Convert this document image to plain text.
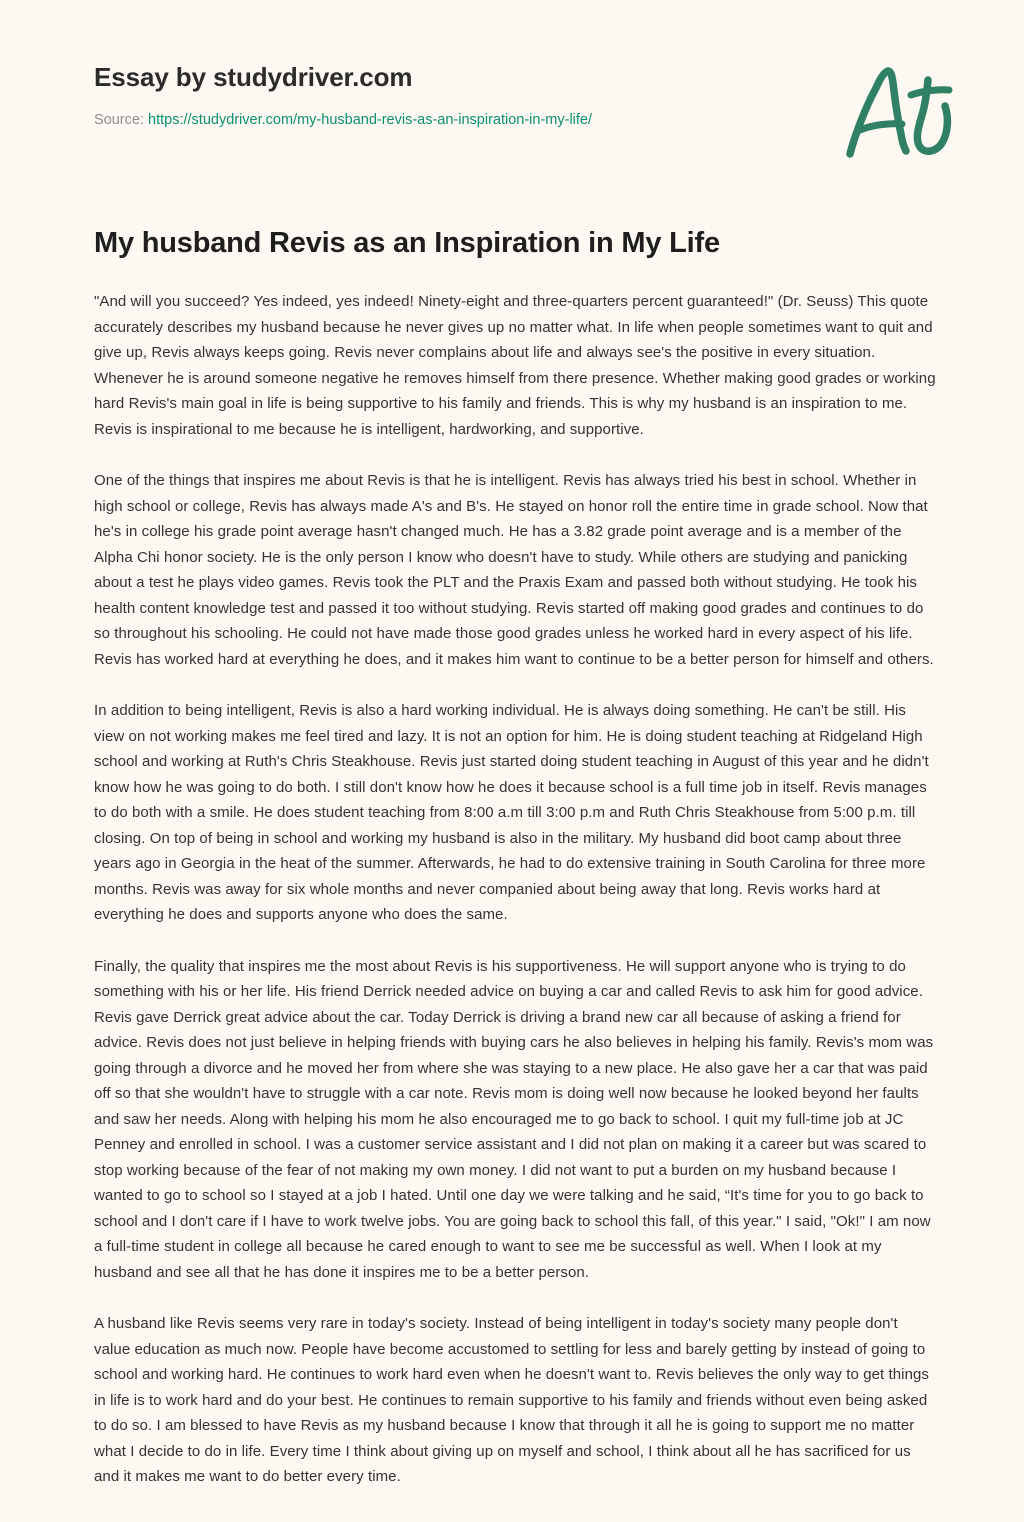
Essay by studydriver.com
Source: https://studydriver.com/my-husband-revis-as-an-inspiration-in-my-life/
My husband Revis as an Inspiration in My Life

"And will you succeed? Yes indeed, yes indeed! Ninety-eight and three-quarters percent guaranteed!" (Dr. Seuss) This quote accurately describes my husband because he never gives up no matter what. In life when people sometimes want to quit and give up, Revis always keeps going. Revis never complains about life and always see's the positive in every situation. Whenever he is around someone negative he removes himself from there presence. Whether making good grades or working hard Revis's main goal in life is being supportive to his family and friends. This is why my husband is an inspiration to me. Revis is inspirational to me because he is intelligent, hardworking, and supportive.

One of the things that inspires me about Revis is that he is intelligent. Revis has always tried his best in school. Whether in high school or college, Revis has always made A's and B's. He stayed on honor roll the entire time in grade school. Now that he's in college his grade point average hasn't changed much. He has a 3.82 grade point average and is a member of the Alpha Chi honor society. He is the only person I know who doesn't have to study. While others are studying and panicking about a test he plays video games. Revis took the PLT and the Praxis Exam and passed both without studying. He took his health content knowledge test and passed it too without studying. Revis started off making good grades and continues to do so throughout his schooling. He could not have made those good grades unless he worked hard in every aspect of his life. Revis has worked hard at everything he does, and it makes him want to continue to be a better person for himself and others.

In addition to being intelligent, Revis is also a hard working individual. He is always doing something. He can't be still. His view on not working makes me feel tired and lazy. It is not an option for him. He is doing student teaching at Ridgeland High school and working at Ruth's Chris Steakhouse. Revis just started doing student teaching in August of this year and he didn't know how he was going to do both. I still don't know how he does it because school is a full time job in itself. Revis manages to do both with a smile. He does student teaching from 8:00 a.m till 3:00 p.m and Ruth Chris Steakhouse from 5:00 p.m. till closing. On top of being in school and working my husband is also in the military. My husband did boot camp about three years ago in Georgia in the heat of the summer. Afterwards, he had to do extensive training in South Carolina for three more months. Revis was away for six whole months and never companied about being away that long. Revis works hard at everything he does and supports anyone who does the same.

Finally, the quality that inspires me the most about Revis is his supportiveness. He will support anyone who is trying to do something with his or her life. His friend Derrick needed advice on buying a car and called Revis to ask him for good advice. Revis gave Derrick great advice about the car. Today Derrick is driving a brand new car all because of asking a friend for advice. Revis does not just believe in helping friends with buying cars he also believes in helping his family. Revis's mom was going through a divorce and he moved her from where she was staying to a new place. He also gave her a car that was paid off so that she wouldn't have to struggle with a car note. Revis mom is doing well now because he looked beyond her faults and saw her needs. Along with helping his mom he also encouraged me to go back to school. I quit my full-time job at JC Penney and enrolled in school. I was a customer service assistant and I did not plan on making it a career but was scared to stop working because of the fear of not making my own money. I did not want to put a burden on my husband because I wanted to go to school so I stayed at a job I hated. Until one day we were talking and he said, “It's time for you to go back to school and I don't care if I have to work twelve jobs. You are going back to school this fall, of this year." I said, "Ok!" I am now a full-time student in college all because he cared enough to want to see me be successful as well. When I look at my husband and see all that he has done it inspires me to be a better person.

A husband like Revis seems very rare in today's society. Instead of being intelligent in today's society many people don't value education as much now. People have become accustomed to settling for less and barely getting by instead of going to school and working hard. He continues to work hard even when he doesn't want to. Revis believes the only way to get things in life is to work hard and do your best. He continues to remain supportive to his family and friends without even being asked to do so. I am blessed to have Revis as my husband because I know that through it all he is going to support me no matter what I decide to do in life. Every time I think about giving up on myself and school, I think about all he has sacrificed for us and it makes me want to do better every time.
